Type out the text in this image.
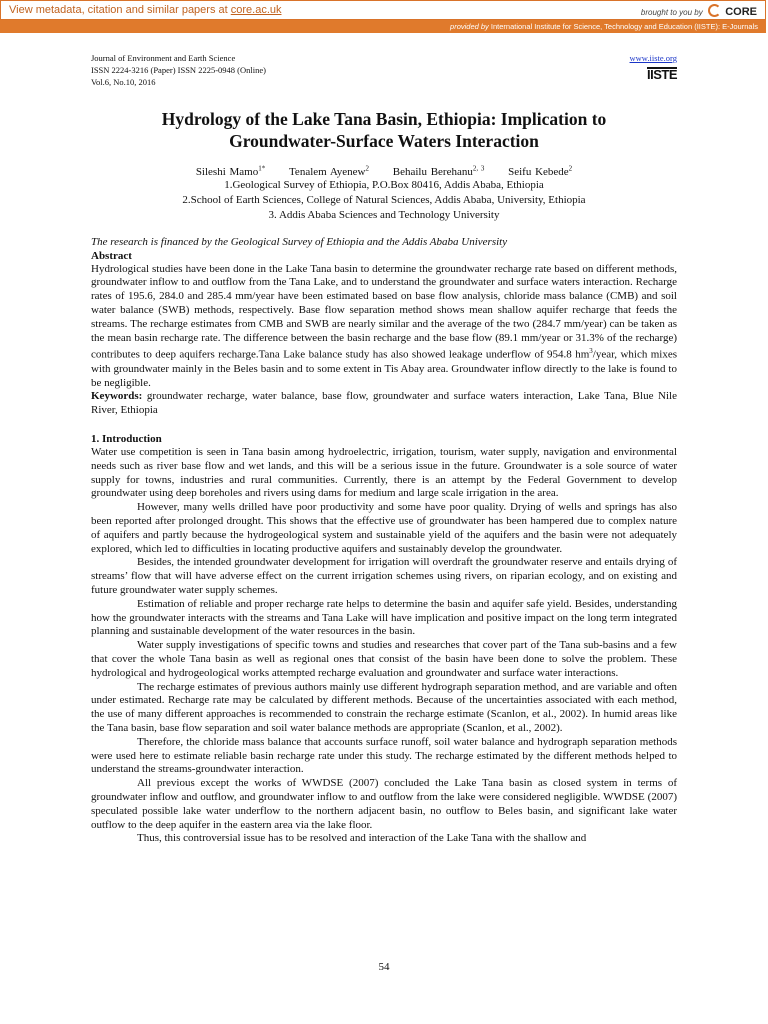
View metadata, citation and similar papers at core.ac.uk	brought to you by CORE
provided by International Institute for Science, Technology and Education (IISTE): E-Journals
Journal of Environment and Earth Science
ISSN 2224-3216 (Paper) ISSN 2225-0948 (Online)
Vol.6, No.10, 2016
www.iiste.org
IISTE
Hydrology of the Lake Tana Basin, Ethiopia: Implication to
Groundwater-Surface Waters Interaction
Sileshi Mamo$^{1*}$ Tenalem Ayenew$^2$ Behailu Berehanu$^{2, 3}$ Seifu Kebede$^2$
1.Geological Survey of Ethiopia, P.O.Box 80416, Addis Ababa, Ethiopia
2.School of Earth Sciences, College of Natural Sciences, Addis Ababa, University, Ethiopia
3. Addis Ababa Sciences and Technology University
The research is financed by the Geological Survey of Ethiopia and the Addis Ababa University
Abstract

Hydrological studies have been done in the Lake Tana basin to determine the groundwater recharge rate based on different methods, groundwater inflow to and outflow from the Tana Lake, and to understand the groundwater and surface waters interaction. Recharge rates of 195.6, 284.0 and 285.4 mm/year have been estimated based on base flow analysis, chloride mass balance (CMB) and soil water balance (SWB) methods, respectively. Base flow separation method shows mean shallow aquifer recharge that feeds the streams. The recharge estimates from CMB and SWB are nearly similar and the average of the two (284.7 mm/year) can be taken as the mean basin recharge rate. The difference between the basin recharge and the base flow (89.1 mm/year or 31.3% of the recharge) contributes to deep aquifers recharge.Tana Lake balance study has also showed leakage underflow of 954.8 $hm^3$/year, which mixes with groundwater mainly in the Beles basin and to some extent in Tis Abay area. Groundwater inflow directly to the lake is found to be negligible.

Keywords: groundwater recharge, water balance, base flow, groundwater and surface waters interaction, Lake Tana, Blue Nile River, Ethiopia
1. Introduction

Water use competition is seen in Tana basin among hydroelectric, irrigation, tourism, water supply, navigation and environmental needs such as river base flow and wet lands, and this will be a serious issue in the future. Groundwater is a sole source of water supply for towns, industries and rural communities. Currently, there is an attempt by the Federal Government to develop groundwater using deep boreholes and rivers using dams for medium and large scale irrigation in the area.

However, many wells drilled have poor productivity and some have poor quality. Drying of wells and springs has also been reported after prolonged drought. This shows that the effective use of groundwater has been hampered due to complex nature of aquifers and partly because the hydrogeological system and sustainable yield of the aquifers and the basin were not adequately explored, which led to difficulties in locating productive aquifers and sustainably develop the groundwater.

Besides, the intended groundwater development for irrigation will overdraft the groundwater reserve and entails drying of streams’ flow that will have adverse effect on the current irrigation schemes using rivers, on riparian ecology, and on existing and future groundwater water supply schemes.

Estimation of reliable and proper recharge rate helps to determine the basin and aquifer safe yield. Besides, understanding how the groundwater interacts with the streams and Tana Lake will have implication and positive impact on the long term integrated planning and sustainable development of the water resources in the basin.

Water supply investigations of specific towns and studies and researches that cover part of the Tana sub-basins and a few that cover the whole Tana basin as well as regional ones that consist of the basin have been done to solve the problem. These hydrological and hydrogeological works attempted recharge evaluation and groundwater and surface water interactions.

The recharge estimates of previous authors mainly use different hydrograph separation method, and are variable and often under estimated. Recharge rate may be calculated by different methods. Because of the uncertainties associated with each method, the use of many different approaches is recommended to constrain the recharge estimate (Scanlon, et al., 2002). In humid areas like the Tana basin, base flow separation and soil water balance methods are appropriate (Scanlon, et al., 2002).

Therefore, the chloride mass balance that accounts surface runoff, soil water balance and hydrograph separation methods were used here to estimate reliable basin recharge rate under this study. The recharge estimated by the different methods helped to understand the streams-groundwater interaction.

All previous except the works of WWDSE (2007) concluded the Lake Tana basin as closed system in terms of groundwater inflow and outflow, and groundwater inflow to and outflow from the lake were considered negligible. WWDSE (2007) speculated possible lake water underflow to the northern adjacent basin, no outflow to Beles basin, and significant lake water outflow to the deep aquifer in the eastern area via the lake floor.

Thus, this controversial issue has to be resolved and interaction of the Lake Tana with the shallow and

54
